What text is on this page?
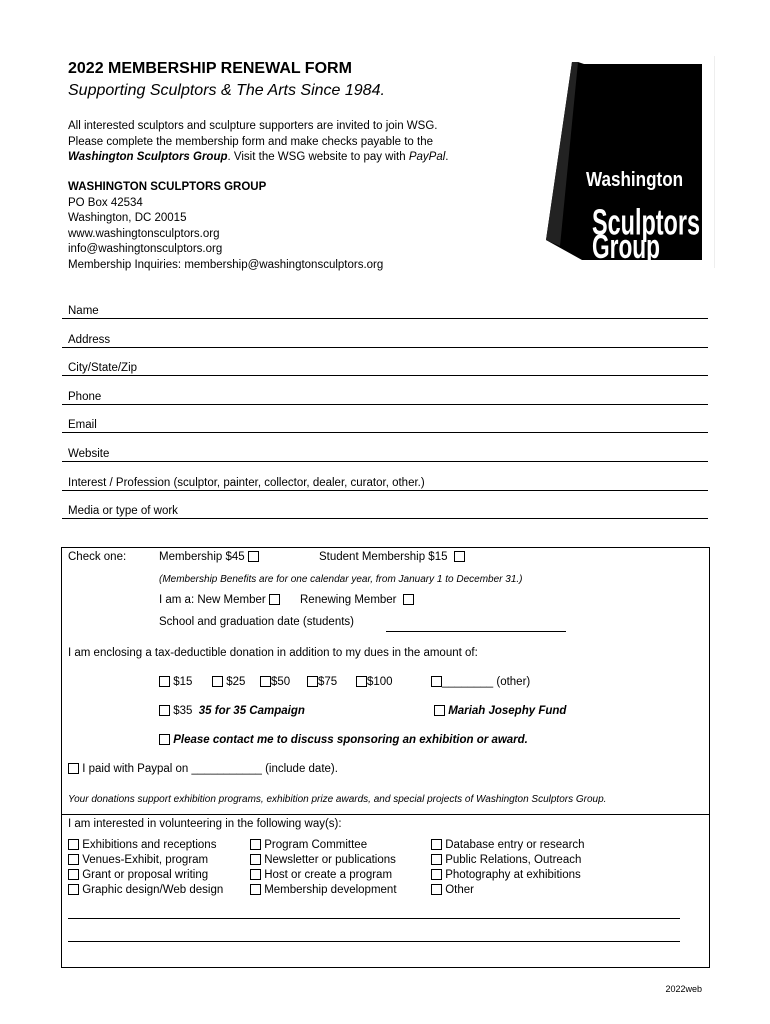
2022 MEMBERSHIP RENEWAL FORM
Supporting Sculptors & The Arts Since 1984.
All interested sculptors and sculpture supporters are invited to join WSG.
Please complete the membership form and make checks payable to the
Washington Sculptors Group. Visit the WSG website to pay with PayPal.
WASHINGTON SCULPTORS GROUP
PO Box 42534
Washington, DC 20015
www.washingtonsculptors.org
info@washingtonsculptors.org
Membership Inquiries: membership@washingtonsculptors.org
Washington
Sculptors
Group
Name
Address
City/State/Zip
Phone
Email
Website
Interest / Profession (sculptor, painter, collector, dealer, curator, other.)
Media or type of work
Check one:	Membership $45	Student Membership $15
(Membership Benefits are for one calendar year, from January 1 to December 31.)
I am a: New Member	Renewing Member
School and graduation date (students)
I am enclosing a tax-deductible donation in addition to my dues in the amount of:
$15	$25	$50	$75	$100	________ (other)
$35 35 for 35 Campaign	Mariah Josephy Fund
Please contact me to discuss sponsoring an exhibition or award.
I paid with Paypal on ___________ (include date).
Your donations support exhibition programs, exhibition prize awards, and special projects of Washington Sculptors Group.
I am interested in volunteering in the following way(s):
Exhibitions and receptions
Venues-Exhibit, program
Grant or proposal writing
Graphic design/Web design
Program Committee
Newsletter or publications
Host or create a program
Membership development
Database entry or research
Public Relations, Outreach
Photography at exhibitions
Other
2022web
